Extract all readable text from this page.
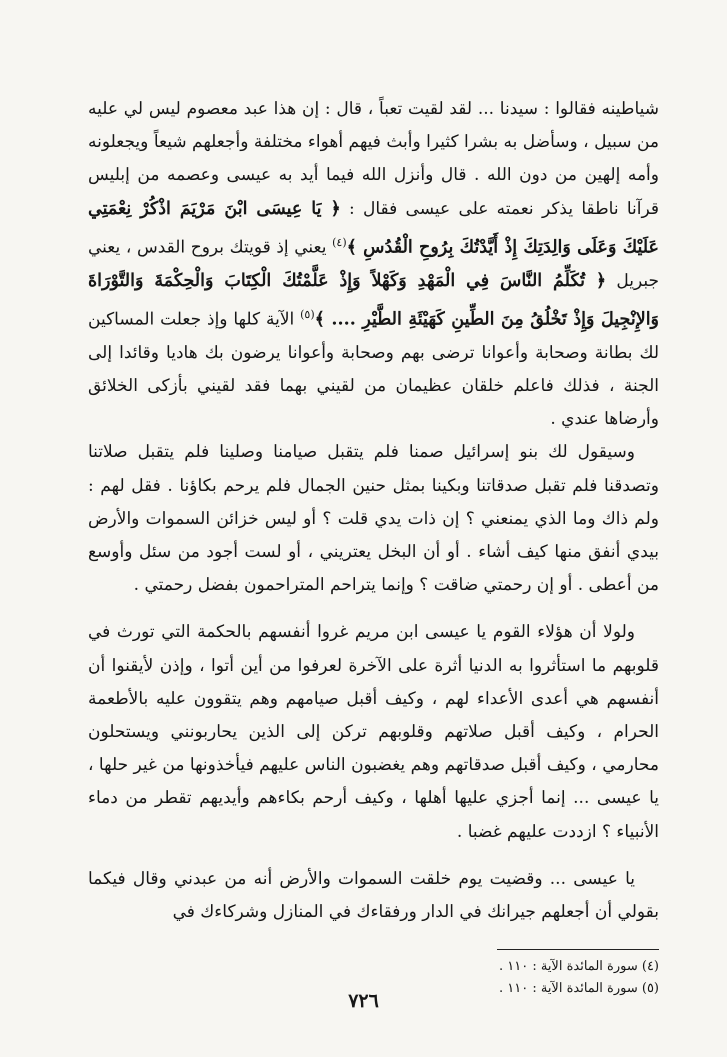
شياطينه فقالوا : سيدنا ... لقد لقيت تعباً ، قال : إن هذا عبد معصوم ليس لي عليه من سبيل ، وسأضل به بشرا كثيرا وأبث فيهم أهواء مختلفة وأجعلهم شيعاً ويجعلونه وأمه إلهين من دون الله . قال وأنزل الله فيما أيد به عيسى وعصمه من إبليس قرآنا ناطقا يذكر نعمته على عيسى فقال : ﴿ يَا عِيسَى ابْنَ مَرْيَمَ اذْكُرْ نِعْمَتِي عَلَيْكَ وَعَلَى وَالِدَتِكَ إِذْ أَيَّدْتُكَ بِرُوحِ الْقُدُسِ ﴾$^{(٤)}$ يعني إذ قويتك بروح القدس ، يعني جبريل ﴿ تُكَلِّمُ النَّاسَ فِي الْمَهْدِ وَكَهْلاً وَإِذْ عَلَّمْتُكَ الْكِتَابَ وَالْحِكْمَةَ وَالتَّوْرَاةَ وَالإِنْجِيلَ وَإِذْ تَخْلُقُ مِنَ الطِّينِ كَهَيْئَةِ الطَّيْرِ .... ﴾$^{(٥)}$ الآية كلها وإذ جعلت المساكين لك بطانة وصحابة وأعوانا ترضى بهم وصحابة وأعوانا يرضون بك هاديا وقائدا إلى الجنة ، فذلك فاعلم خلقان عظيمان من لقيني بهما فقد لقيني بأزكى الخلائق وأرضاها عندي .

وسيقول لك بنو إسرائيل صمنا فلم يتقبل صيامنا وصلينا فلم يتقبل صلاتنا وتصدقنا فلم تقبل صدقاتنا وبكينا بمثل حنين الجمال فلم يرحم بكاؤنا . فقل لهم : ولم ذاك وما الذي يمنعني ؟ إن ذات يدي قلت ؟ أو ليس خزائن السموات والأرض بيدي أنفق منها كيف أشاء . أو أن البخل يعتريني ، أو لست أجود من سئل وأوسع من أعطى . أو إن رحمتي ضاقت ؟ وإنما يتراحم المتراحمون بفضل رحمتي .

ولولا أن هؤلاء القوم يا عيسى ابن مريم غروا أنفسهم بالحكمة التي تورث في قلوبهم ما استأثروا به الدنيا أثرة على الآخرة لعرفوا من أين أتوا ، وإذن لأيقنوا أن أنفسهم هي أعدى الأعداء لهم ، وكيف أقبل صيامهم وهم يتقوون عليه بالأطعمة الحرام ، وكيف أقبل صلاتهم وقلوبهم تركن إلى الذين يحاربونني ويستحلون محارمي ، وكيف أقبل صدقاتهم وهم يغضبون الناس عليهم فيأخذونها من غير حلها ، يا عيسى ... إنما أجزي عليها أهلها ، وكيف أرحم بكاءهم وأيديهم تقطر من دماء الأنبياء ؟ ازددت عليهم غضبا .

يا عيسى ... وقضيت يوم خلقت السموات والأرض أنه من عبدني وقال فيكما بقولي أن أجعلهم جيرانك في الدار ورفقاءك في المنازل وشركاءك في

(٤) سورة المائدة الآية : ١١٠ .
(٥) سورة المائدة الآية : ١١٠ .
٧٢٦
